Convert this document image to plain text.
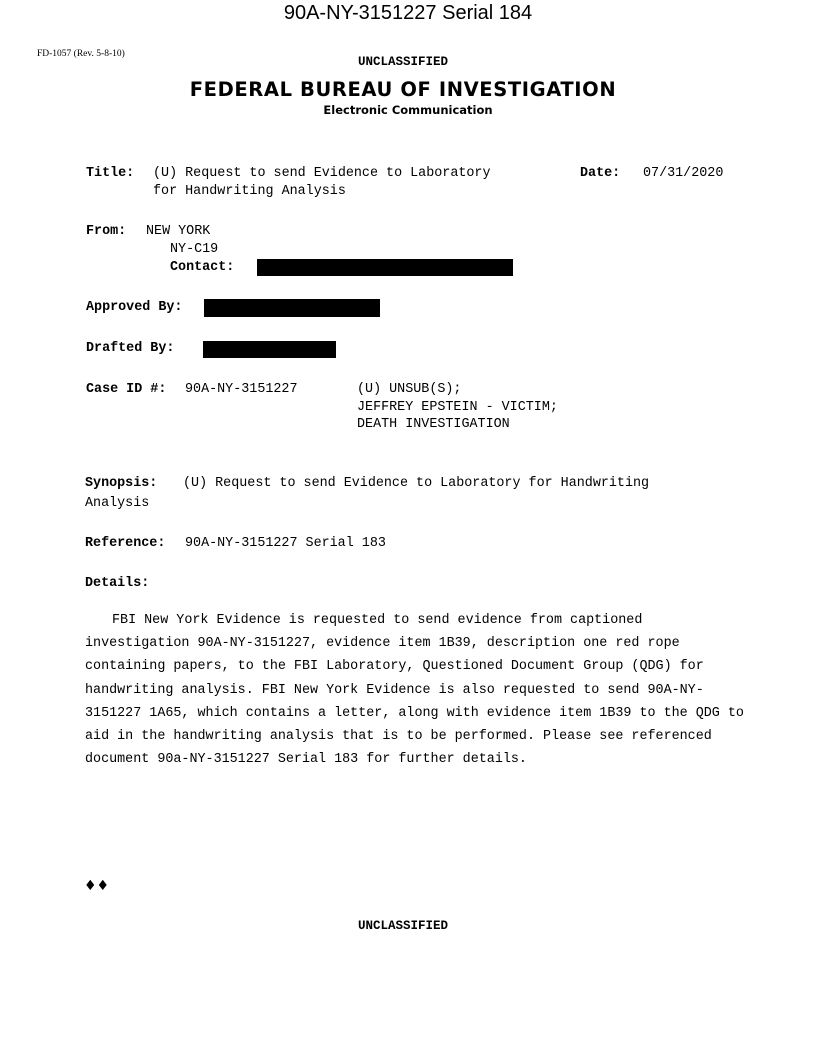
90A-NY-3151227 Serial 184
FD-1057 (Rev. 5-8-10)
UNCLASSIFIED
FEDERAL BUREAU OF INVESTIGATION
Electronic Communication
Title: (U) Request to send Evidence to Laboratory
for Handwriting Analysis
Date: 07/31/2020
From: NEW YORK
NY-C19
Contact:
Approved By:
Drafted By:
Case ID #: 90A-NY-3151227	(U) UNSUB(S);
JEFFREY EPSTEIN - VICTIM;
DEATH INVESTIGATION
Synopsis: (U) Request to send Evidence to Laboratory for Handwriting
Analysis
Reference: 90A-NY-3151227 Serial 183
Details:
FBI New York Evidence is requested to send evidence from captioned investigation 90A-NY-3151227, evidence item 1B39, description one red rope containing papers, to the FBI Laboratory, Questioned Document Group (QDG) for handwriting analysis. FBI New York Evidence is also requested to send 90A-NY-3151227 1A65, which contains a letter, along with evidence item 1B39 to the QDG to aid in the handwriting analysis that is to be performed. Please see referenced document 90a-NY-3151227 Serial 183 for further details.
♦♦
UNCLASSIFIED
